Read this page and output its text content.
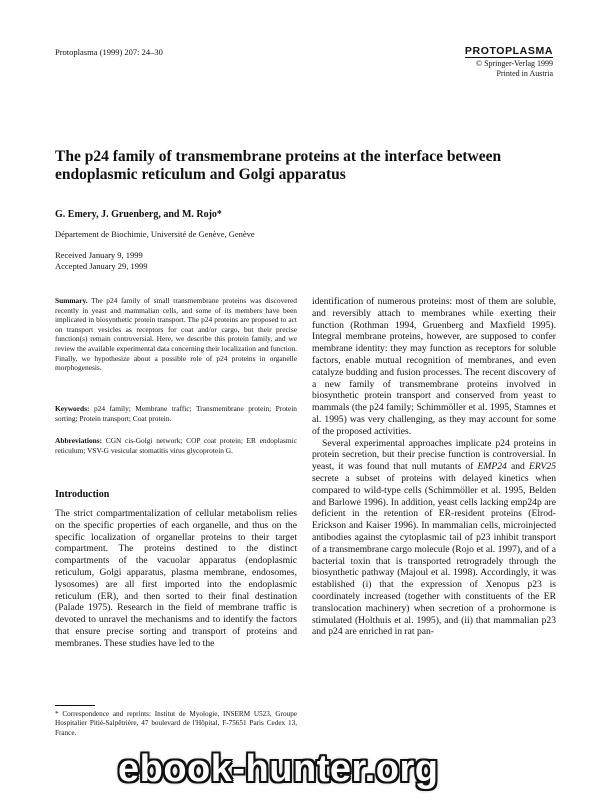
Protoplasma (1999) 207: 24–30	PROTOPLASMA
© Springer-Verlag 1999
Printed in Austria
The p24 family of transmembrane proteins at the interface between endoplasmic reticulum and Golgi apparatus
G. Emery, J. Gruenberg, and M. Rojo*
Département de Biochimie, Université de Genève, Genève
Received January 9, 1999
Accepted January 29, 1999
Summary. The p24 family of small transmembrane proteins was discovered recently in yeast and mammalian cells, and some of its members have been implicated in biosynthetic protein transport. The p24 proteins are proposed to act on transport vesicles as receptors for coat and/or cargo, but their precise function(s) remain controversial. Here, we describe this protein family, and we review the available experimental data concerning their localization and function. Finally, we hypothesize about a possible role of p24 proteins in organelle morphogenesis.
Keywords: p24 family; Membrane traffic; Transmembrane protein; Protein sorting; Protein transport; Coat protein.
Abbreviations: CGN cis-Golgi network; COP coat protein; ER endoplasmic reticulum; VSV-G vesicular stomatitis virus glycoprotein G.
Introduction
The strict compartmentalization of cellular metabolism relies on the specific properties of each organelle, and thus on the specific localization of organellar proteins to their target compartment. The proteins destined to the distinct compartments of the vacuolar apparatus (endoplasmic reticulum, Golgi apparatus, plasma membrane, endosomes, lysosomes) are all first imported into the endoplasmic reticulum (ER), and then sorted to their final destination (Palade 1975). Research in the field of membrane traffic is devoted to unravel the mechanisms and to identify the factors that ensure precise sorting and transport of proteins and membranes. These studies have led to the
* Correspondence and reprints: Institut de Myologie, INSERM U523, Groupe Hospitalier Pitié-Salpêtrière, 47 boulevard de l'Hôpital, F-75651 Paris Cedex 13, France.

identification of numerous proteins: most of them are soluble, and reversibly attach to membranes while exerting their function (Rothman 1994, Gruenberg and Maxfield 1995). Integral membrane proteins, however, are supposed to confer membrane identity: they may function as receptors for soluble factors, enable mutual recognition of membranes, and even catalyze budding and fusion processes. The recent discovery of a new family of transmembrane proteins involved in biosynthetic protein transport and conserved from yeast to mammals (the p24 family; Schimmöller et al. 1995, Stamnes et al. 1995) was very challenging, as they may account for some of the proposed activities.

Several experimental approaches implicate p24 proteins in protein secretion, but their precise function is controversial. In yeast, it was found that null mutants of EMP24 and ERV25 secrete a subset of proteins with delayed kinetics when compared to wild-type cells (Schimmöller et al. 1995, Belden and Barlowe 1996). In addition, yeast cells lacking emp24p are deficient in the retention of ER-resident proteins (Elrod-Erickson and Kaiser 1996). In mammalian cells, microinjected antibodies against the cytoplasmic tail of p23 inhibit transport of a transmembrane cargo molecule (Rojo et al. 1997), and of a bacterial toxin that is transported retrogradely through the biosynthetic pathway (Majoul et al. 1998). Accordingly, it was established (i) that the expression of Xenopus p23 is coordinately increased (together with constituents of the ER translocation machinery) when secretion of a prohormone is stimulated (Holthuis et al. 1995), and (ii) that mammalian p23 and p24 are enriched in rat pan-

ebook-hunter.org
